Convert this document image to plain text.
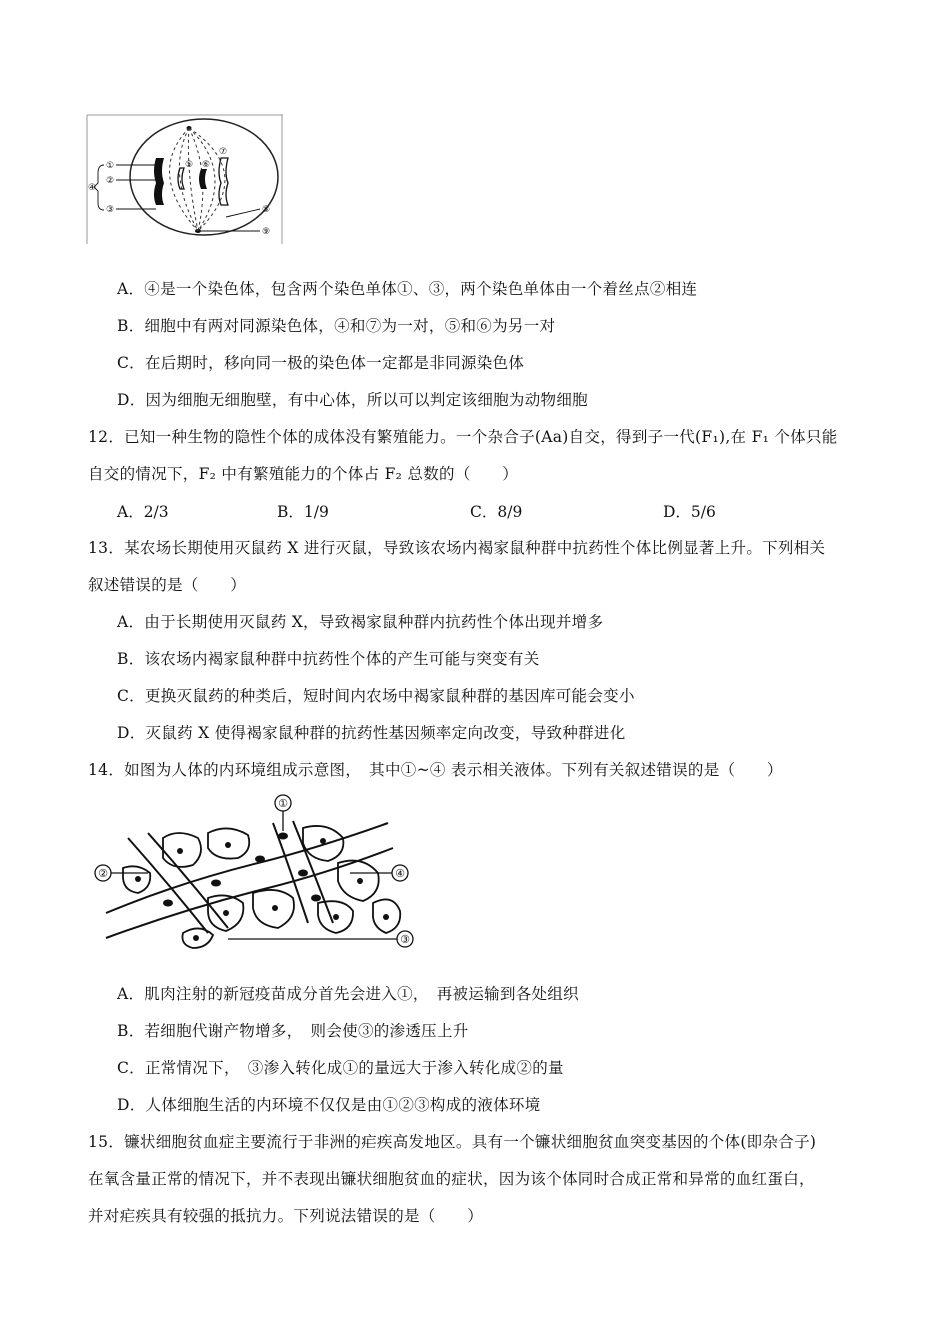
①
②
③
④
⑤ ⑥
⑦
⑧
⑨
A．④是一个染色体，包含两个染色单体①、③，两个染色单体由一个着丝点②相连
B．细胞中有两对同源染色体，④和⑦为一对，⑤和⑥为另一对
C．在后期时，移向同一极的染色体一定都是非同源染色体
D．因为细胞无细胞壁，有中心体，所以可以判定该细胞为动物细胞
12．已知一种生物的隐性个体的成体没有繁殖能力。一个杂合子(Aa)自交，得到子一代(F₁),在 F₁ 个体只能
自交的情况下，F₂ 中有繁殖能力的个体占 F₂ 总数的（　　）
A．2/3	B．1/9	C．8/9	D．5/6
13．某农场长期使用灭鼠药 X 进行灭鼠，导致该农场内褐家鼠种群中抗药性个体比例显著上升。下列相关
叙述错误的是（　　）
A．由于长期使用灭鼠药 X，导致褐家鼠种群内抗药性个体出现并增多
B．该农场内褐家鼠种群中抗药性个体的产生可能与突变有关
C．更换灭鼠药的种类后，短时间内农场中褐家鼠种群的基因库可能会变小
D．灭鼠药 X 使得褐家鼠种群的抗药性基因频率定向改变，导致种群进化
14．如图为人体的内环境组成示意图，　其中①~④ 表示相关液体。下列有关叙述错误的是（　　）
①
②
③
④
A．肌肉注射的新冠疫苗成分首先会进入①，　再被运输到各处组织
B．若细胞代谢产物增多，　则会使③的渗透压上升
C．正常情况下，　③渗入转化成①的量远大于渗入转化成②的量
D．人体细胞生活的内环境不仅仅是由①②③构成的液体环境
15．镰状细胞贫血症主要流行于非洲的疟疾高发地区。具有一个镰状细胞贫血突变基因的个体(即杂合子)
在氧含量正常的情况下，并不表现出镰状细胞贫血的症状，因为该个体同时合成正常和异常的血红蛋白，
并对疟疾具有较强的抵抗力。下列说法错误的是（　　）
